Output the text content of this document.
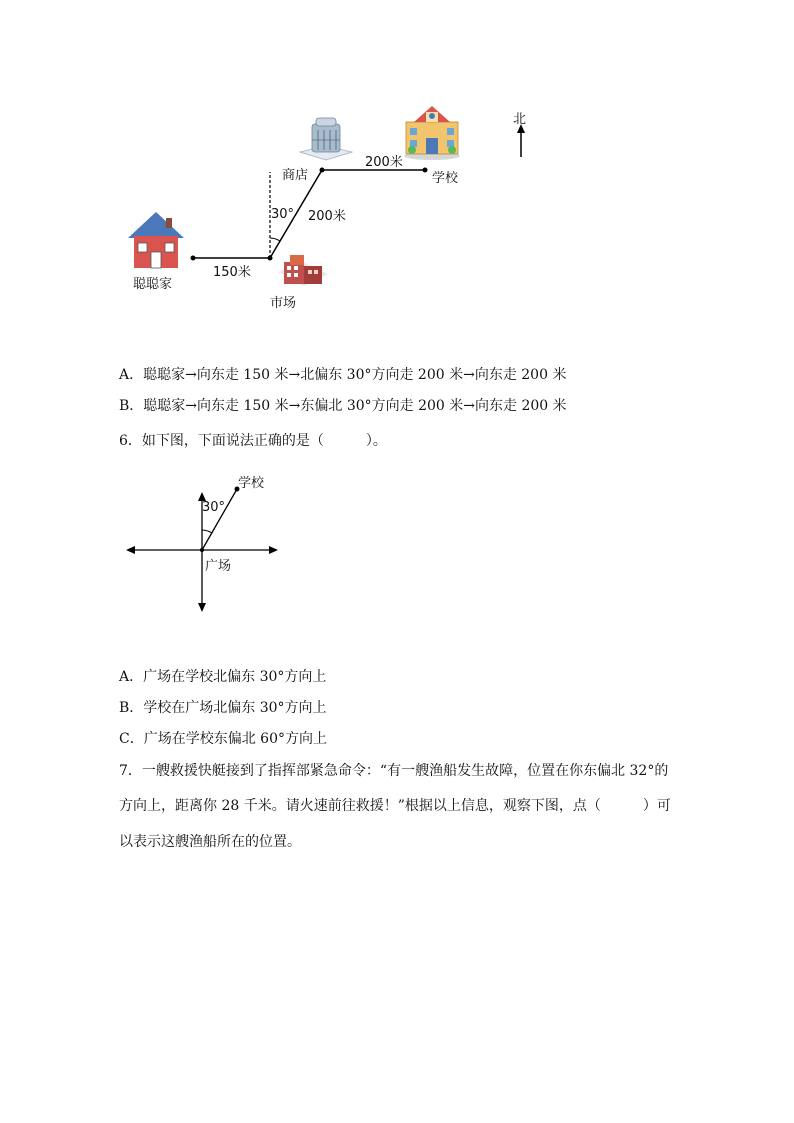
北
聪聪家
150米
市场
30° 200米
商店
200米
学校
A．聪聪家→向东走 150 米→北偏东 30°方向走 200 米→向东走 200 米
B．聪聪家→向东走 150 米→东偏北 30°方向走 200 米→向东走 200 米
6．如下图，下面说法正确的是（　　　）。
学校
30°
广场
A．广场在学校北偏东 30°方向上
B．学校在广场北偏东 30°方向上
C．广场在学校东偏北 60°方向上
7．一艘救援快艇接到了指挥部紧急命令：“有一艘渔船发生故障，位置在你东偏北 32°的
方向上，距离你 28 千米。请火速前往救援！”根据以上信息，观察下图，点（　　　）可
以表示这艘渔船所在的位置。
